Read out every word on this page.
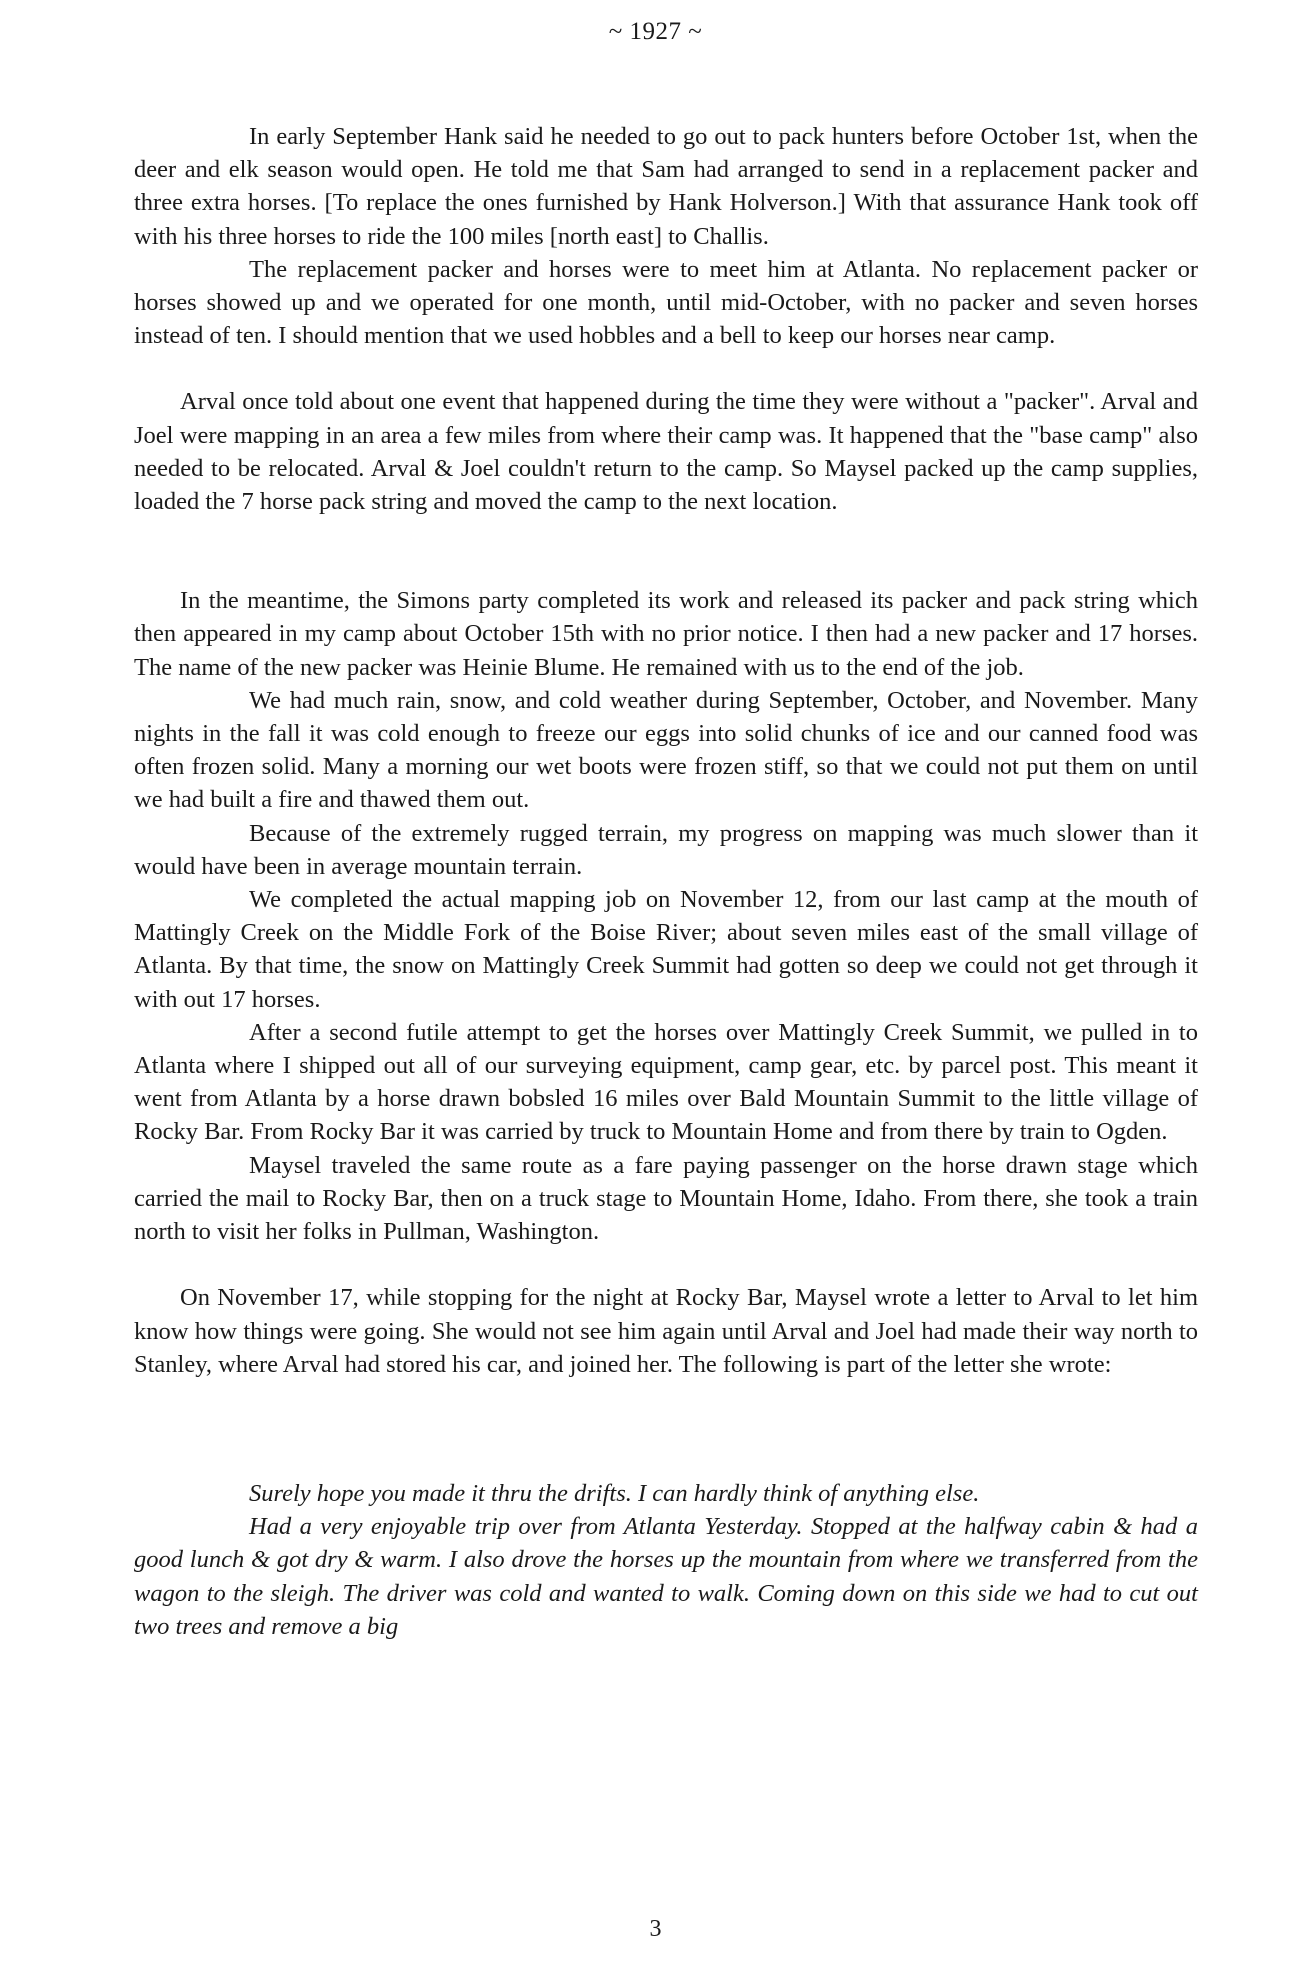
~ 1927 ~

In early September Hank said he needed to go out to pack hunters before October 1st, when the deer and elk season would open. He told me that Sam had arranged to send in a replacement packer and three extra horses. [To replace the ones furnished by Hank Holverson.] With that assurance Hank took off with his three horses to ride the 100 miles [north east] to Challis.

The replacement packer and horses were to meet him at Atlanta. No replacement packer or horses showed up and we operated for one month, until mid-October, with no packer and seven horses instead of ten. I should mention that we used hobbles and a bell to keep our horses near camp.

Arval once told about one event that happened during the time they were without a "packer". Arval and Joel were mapping in an area a few miles from where their camp was. It happened that the "base camp" also needed to be relocated. Arval & Joel couldn't return to the camp. So Maysel packed up the camp supplies, loaded the 7 horse pack string and moved the camp to the next location.

In the meantime, the Simons party completed its work and released its packer and pack string which then appeared in my camp about October 15th with no prior notice. I then had a new packer and 17 horses. The name of the new packer was Heinie Blume. He remained with us to the end of the job.

We had much rain, snow, and cold weather during September, October, and November. Many nights in the fall it was cold enough to freeze our eggs into solid chunks of ice and our canned food was often frozen solid. Many a morning our wet boots were frozen stiff, so that we could not put them on until we had built a fire and thawed them out.

Because of the extremely rugged terrain, my progress on mapping was much slower than it would have been in average mountain terrain.

We completed the actual mapping job on November 12, from our last camp at the mouth of Mattingly Creek on the Middle Fork of the Boise River; about seven miles east of the small village of Atlanta. By that time, the snow on Mattingly Creek Summit had gotten so deep we could not get through it with out 17 horses.

After a second futile attempt to get the horses over Mattingly Creek Summit, we pulled in to Atlanta where I shipped out all of our surveying equipment, camp gear, etc. by parcel post. This meant it went from Atlanta by a horse drawn bobsled 16 miles over Bald Mountain Summit to the little village of Rocky Bar. From Rocky Bar it was carried by truck to Mountain Home and from there by train to Ogden.

Maysel traveled the same route as a fare paying passenger on the horse drawn stage which carried the mail to Rocky Bar, then on a truck stage to Mountain Home, Idaho. From there, she took a train north to visit her folks in Pullman, Washington.

On November 17, while stopping for the night at Rocky Bar, Maysel wrote a letter to Arval to let him know how things were going. She would not see him again until Arval and Joel had made their way north to Stanley, where Arval had stored his car, and joined her. The following is part of the letter she wrote:

Surely hope you made it thru the drifts. I can hardly think of anything else.

Had a very enjoyable trip over from Atlanta Yesterday. Stopped at the halfway cabin & had a good lunch & got dry & warm. I also drove the horses up the mountain from where we transferred from the wagon to the sleigh. The driver was cold and wanted to walk. Coming down on this side we had to cut out two trees and remove a big

3
